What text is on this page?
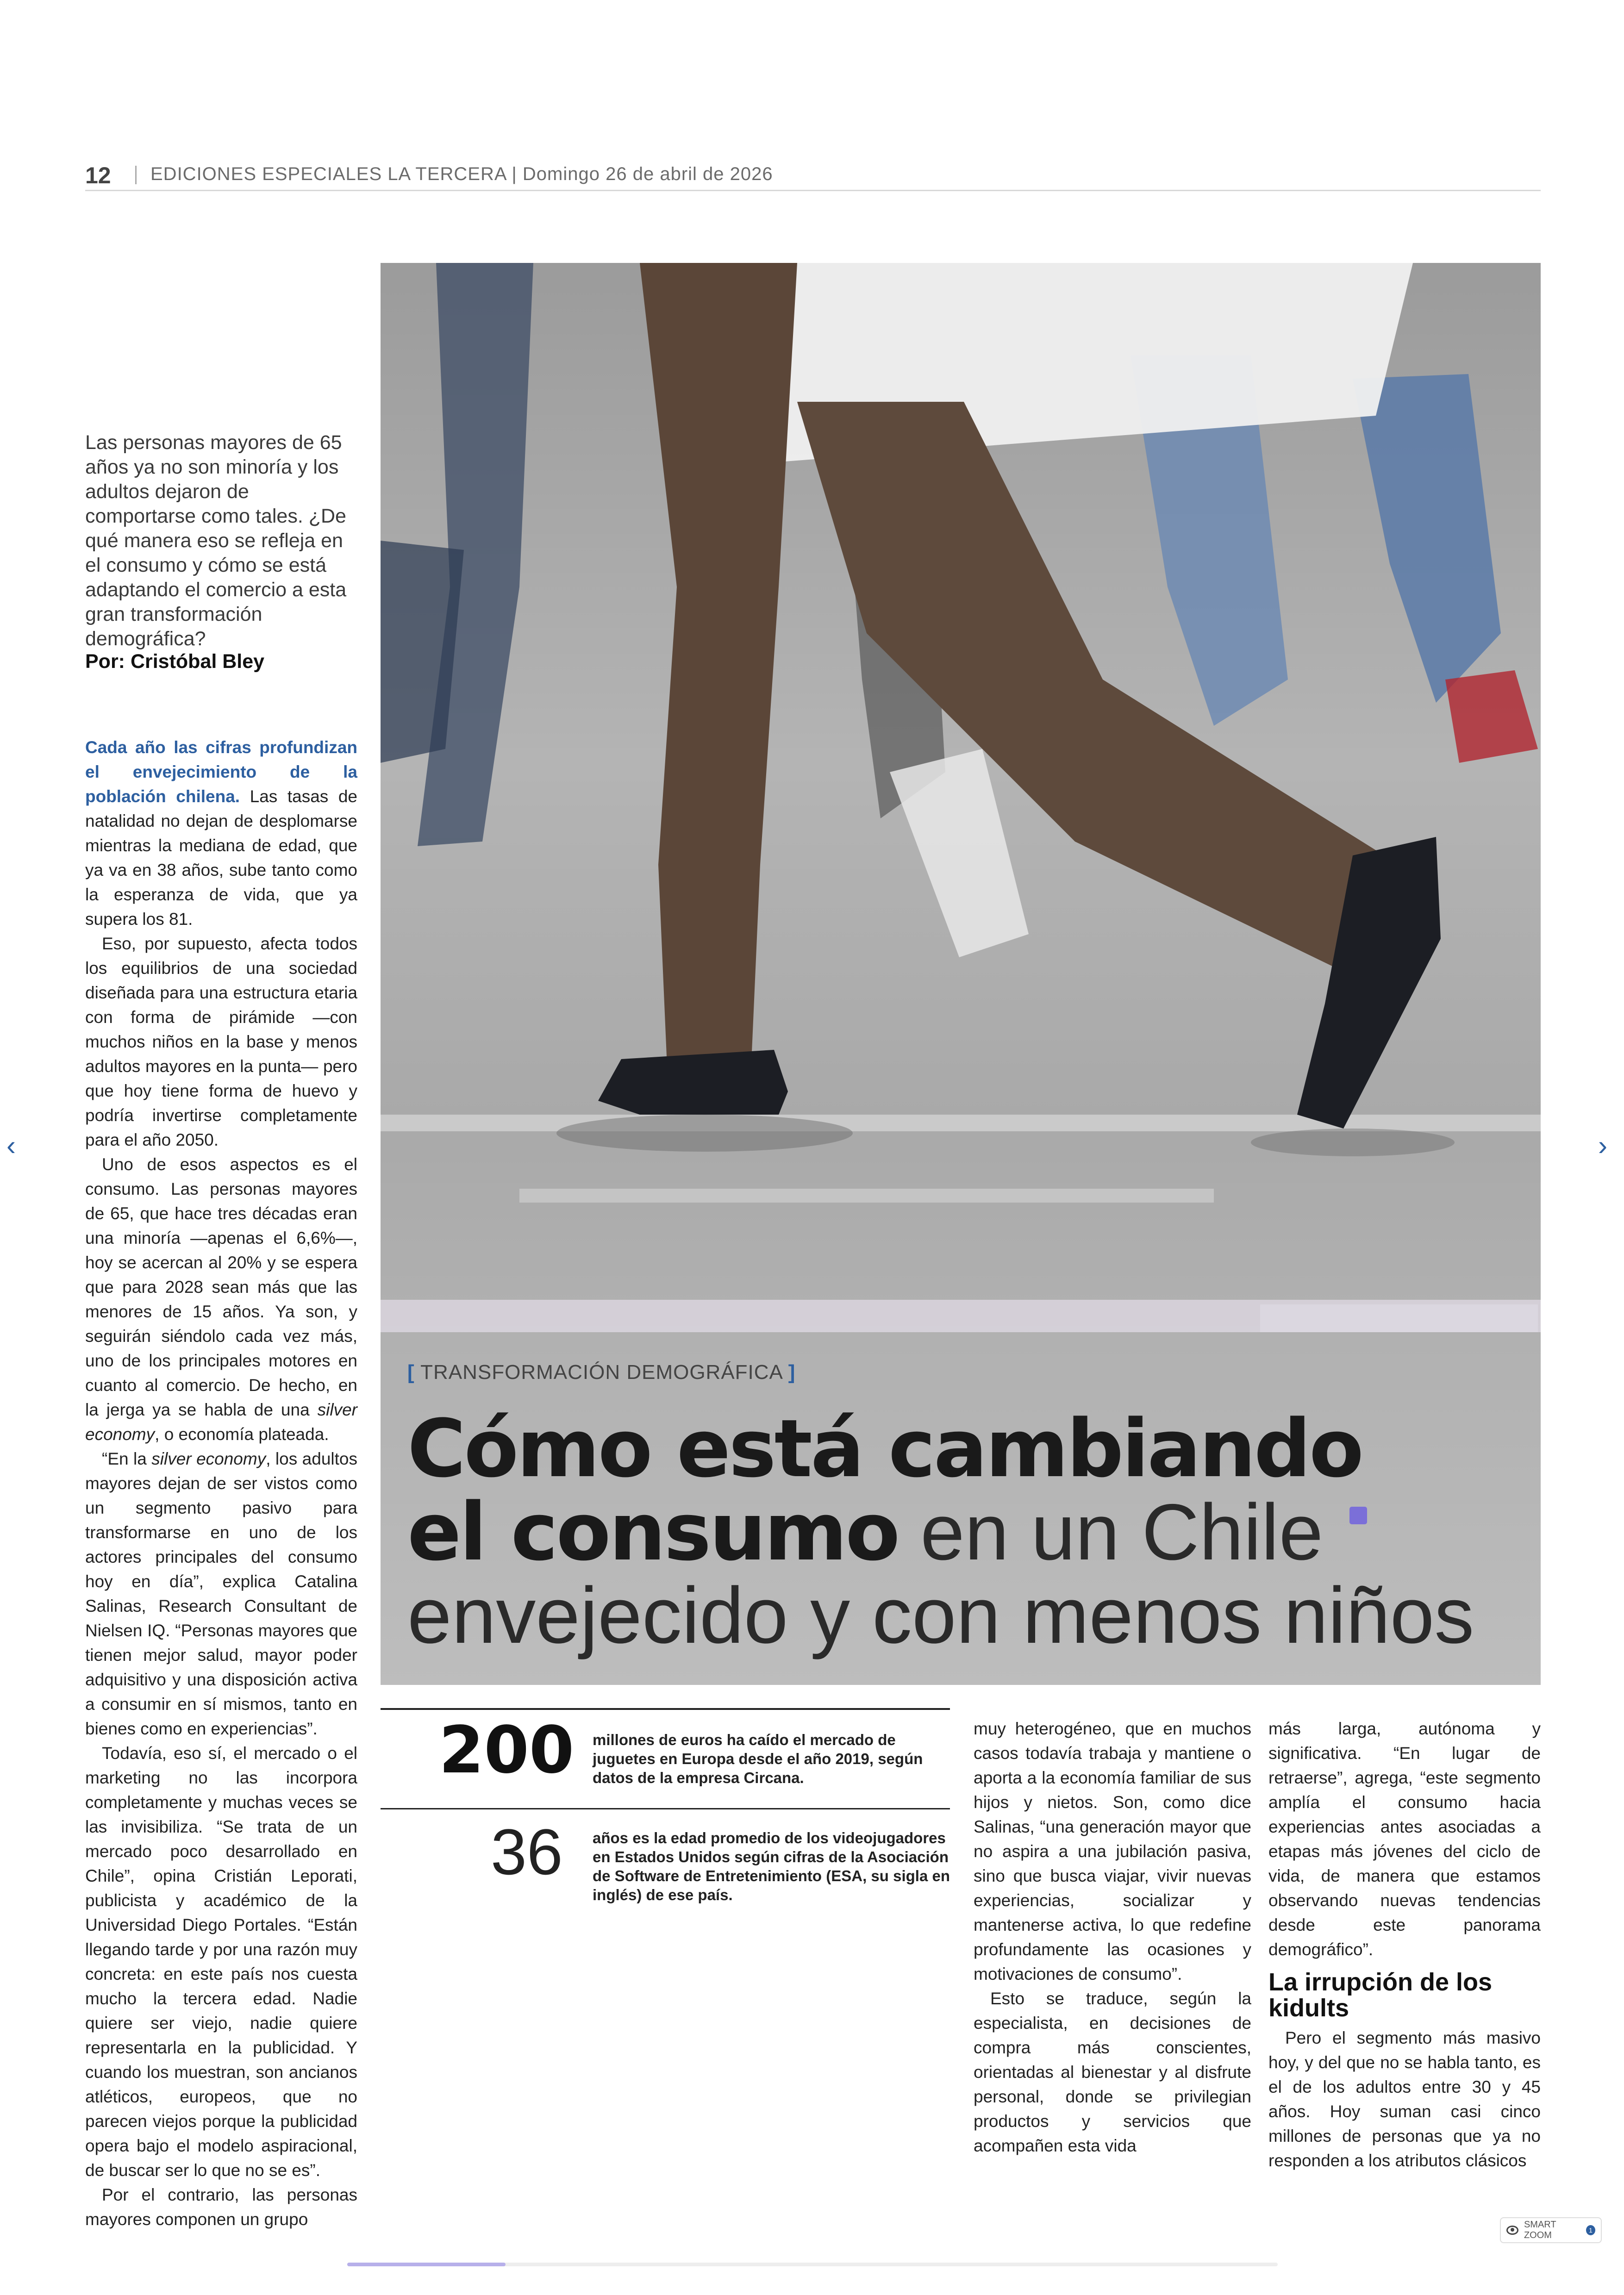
12 EDICIONES ESPECIALES LA TERCERA | Domingo 26 de abril de 2026
Las personas mayores de 65 años ya no son minoría y los adultos dejaron de comportarse como tales. ¿De qué manera eso se refleja en el consumo y cómo se está adaptando el comercio a esta gran transformación demográfica?
Por: Cristóbal Bley

Cada año las cifras profundizan el envejecimiento de la población chilena. Las tasas de natalidad no dejan de desplomarse mientras la mediana de edad, que ya va en 38 años, sube tanto como la esperanza de vida, que ya supera los 81.

Eso, por supuesto, afecta todos los equilibrios de una sociedad diseñada para una estructura etaria con forma de pirámide —con muchos niños en la base y menos adultos mayores en la punta— pero que hoy tiene forma de huevo y podría invertirse completamente para el año 2050.

Uno de esos aspectos es el consumo. Las personas mayores de 65, que hace tres décadas eran una minoría —apenas el 6,6%—, hoy se acercan al 20% y se espera que para 2028 sean más que las menores de 15 años. Ya son, y seguirán siéndolo cada vez más, uno de los principales motores en cuanto al comercio. De hecho, en la jerga ya se habla de una silver economy, o economía plateada.

“En la silver economy, los adultos mayores dejan de ser vistos como un segmento pasivo para transformarse en uno de los actores principales del consumo hoy en día”, explica Catalina Salinas, Research Consultant de Nielsen IQ. “Personas mayores que tienen mejor salud, mayor poder adquisitivo y una disposición activa a consumir en sí mismos, tanto en bienes como en experiencias”.

Todavía, eso sí, el mercado o el marketing no las incorpora completamente y muchas veces se las invisibiliza. “Se trata de un mercado poco desarrollado en Chile”, opina Cristián Leporati, publicista y académico de la Universidad Diego Portales. “Están llegando tarde y por una razón muy concreta: en este país nos cuesta mucho la tercera edad. Nadie quiere ser viejo, nadie quiere representarla en la publicidad. Y cuando los muestran, son ancianos atléticos, europeos, que no parecen viejos porque la publicidad opera bajo el modelo aspiracional, de buscar ser lo que no se es”.

Por el contrario, las personas mayores componen un grupo

[ TRANSFORMACIÓN DEMOGRÁFICA ]
Cómo está cambiando
el consumo en un Chile
envejecido y con menos niños
200 millones de euros ha caído el mercado de juguetes en Europa desde el año 2019, según datos de la empresa Circana.
36 años es la edad promedio de los videojugadores en Estados Unidos según cifras de la Asociación de Software de Entretenimiento (ESA, su sigla en inglés) de ese país.

muy heterogéneo, que en muchos casos todavía trabaja y mantiene o aporta a la economía familiar de sus hijos y nietos. Son, como dice Salinas, “una generación mayor que no aspira a una jubilación pasiva, sino que busca viajar, vivir nuevas experiencias, socializar y mantenerse activa, lo que redefine profundamente las ocasiones y motivaciones de consumo”.

Esto se traduce, según la especialista, en decisiones de compra más conscientes, orientadas al bienestar y al disfrute personal, donde se privilegian productos y servicios que acompañen esta vida

más larga, autónoma y significativa. “En lugar de retraerse”, agrega, “este segmento amplía el consumo hacia experiencias antes asociadas a etapas más jóvenes del ciclo de vida, de manera que estamos observando nuevas tendencias desde este panorama demográfico”.

La irrupción de los kidults

Pero el segmento más masivo hoy, y del que no se habla tanto, es el de los adultos entre 30 y 45 años. Hoy suman casi cinco millones de personas que ya no responden a los atributos clásicos

‹	›
SMART ZOOM	1
